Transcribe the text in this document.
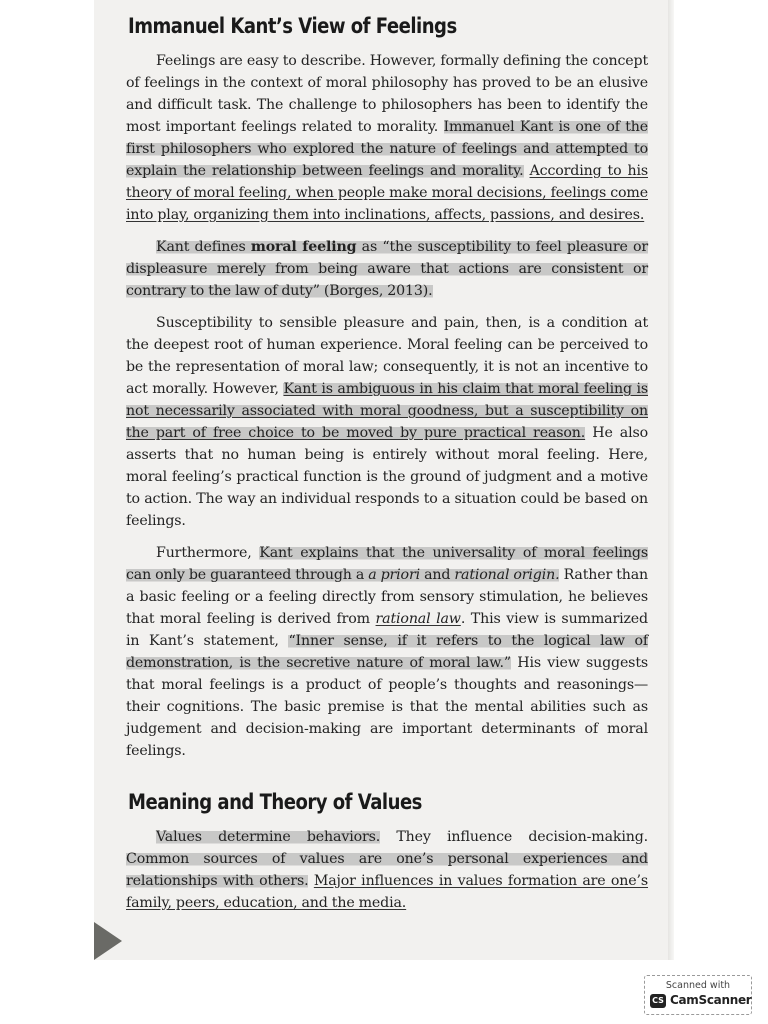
Immanuel Kant’s View of Feelings

Feelings are easy to describe. However, formally defining the concept of feelings in the context of moral philosophy has proved to be an elusive and difficult task. The challenge to philosophers has been to identify the most important feelings related to morality. Immanuel Kant is one of the first philosophers who explored the nature of feelings and attempted to explain the relationship between feelings and morality. According to his theory of moral feeling, when people make moral decisions, feelings come into play, organizing them into inclinations, affects, passions, and desires.

Kant defines moral feeling as “the susceptibility to feel pleasure or displeasure merely from being aware that actions are consistent or contrary to the law of duty” (Borges, 2013).

Susceptibility to sensible pleasure and pain, then, is a condition at the deepest root of human experience. Moral feeling can be perceived to be the representation of moral law; consequently, it is not an incentive to act morally. However, Kant is ambiguous in his claim that moral feeling is not necessarily associated with moral goodness, but a susceptibility on the part of free choice to be moved by pure practical reason. He also asserts that no human being is entirely without moral feeling. Here, moral feeling’s practical function is the ground of judgment and a motive to action. The way an individual responds to a situation could be based on feelings.

Furthermore, Kant explains that the universality of moral feelings can only be guaranteed through a a priori and rational origin. Rather than a basic feeling or a feeling directly from sensory stimulation, he believes that moral feeling is derived from rational law. This view is summarized in Kant’s statement, “Inner sense, if it refers to the logical law of demonstration, is the secretive nature of moral law.” His view suggests that moral feelings is a product of people’s thoughts and reasonings—their cognitions. The basic premise is that the mental abilities such as judgement and decision-making are important determinants of moral feelings.

Meaning and Theory of Values

Values determine behaviors. They influence decision-making. Common sources of values are one’s personal experiences and relationships with others. Major influences in values formation are one’s family, peers, education, and the media.

Scanned with
CS CamScanner
